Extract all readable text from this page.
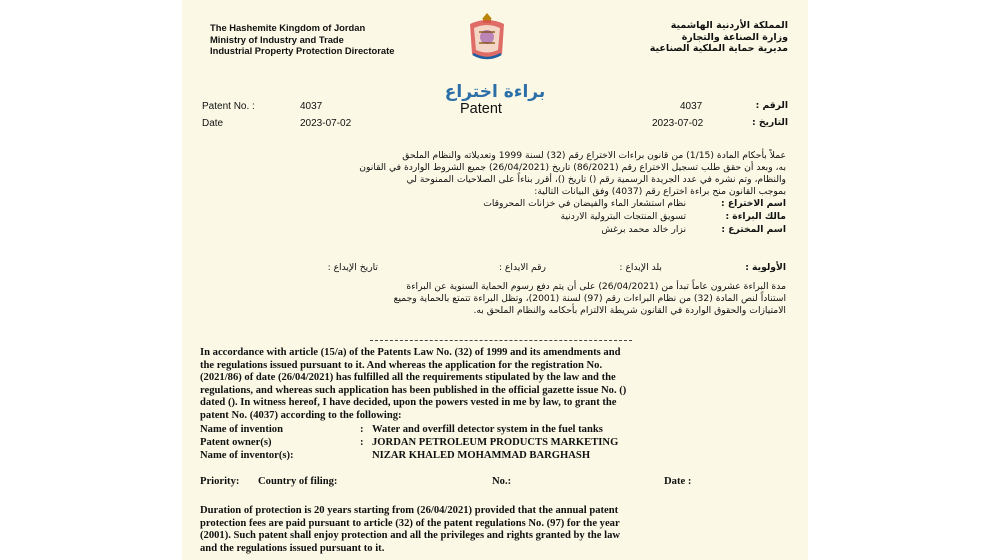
The Hashemite Kingdom of Jordan
Ministry of Industry and Trade
Industrial Property Protection Directorate
المملكة الأردنية الهاشمية
وزارة الصناعة والتجارة
مديرية حماية الملكية الصناعية
براءة اختراع
Patent
Patent No. :	4037
Date	2023-07-02
4037	الرقم :
2023-07-02	التاريخ :
عملاً بأحكام المادة (1/15) من قانون براءات الاختراع رقم (32) لسنة 1999 وتعديلاته والنظام الملحق
به، وبعد أن حقق طلب تسجيل الاختراع رقم (86/2021) تاريخ (26/04/2021) جميع الشروط الواردة في القانون
والنظام، وتم نشره في عدد الجريدة الرسمية رقم () تاريخ ()، أقرر بناءاً على الصلاحيات الممنوحة لي
بموجب القانون منح براءة اختراع رقم (4037) وفق البيانات التالية:
اسم الاختراع :
نظام استشعار الماء والفيضان في خزانات المحروقات
مالك البراءة :
تسويق المنتجات البترولية الاردنية
اسم المخترع :
نزار خالد محمد برغش
الأولوية :
بلد الإيداع :
رقم الايداع :
تاريخ الإيداع :
مدة البراءة عشرون عاماً تبدأ من (26/04/2021) على أن يتم دفع رسوم الحماية السنوية عن البراءة
استناداً لنص المادة (32) من نظام البراءات رقم (97) لسنة (2001)، وتظل البراءة تتمتع بالحماية وجميع
الامتيازات والحقوق الواردة في القانون شريطة الالتزام بأحكامه والنظام الملحق به.
In accordance with article (15/a) of the Patents Law No. (32) of 1999 and its amendments and
the regulations issued pursuant to it. And whereas the application for the registration No.
(2021/86) of date (26/04/2021) has fulfilled all the requirements stipulated by the law and the
regulations, and whereas such application has been published in the official gazette issue No. ()
dated (). In witness hereof, I have decided, upon the powers vested in me by law, to grant the
patent No. (4037) according to the following:
Name of invention	: Water and overfill detector system in the fuel tanks
Patent owner(s)	: JORDAN PETROLEUM PRODUCTS MARKETING
Name of inventor(s):	NIZAR KHALED MOHAMMAD BARGHASH
Priority: Country of filing:	No.:	Date :
Duration of protection is 20 years starting from (26/04/2021) provided that the annual patent
protection fees are paid pursuant to article (32) of the patent regulations No. (97) for the year
(2001). Such patent shall enjoy protection and all the privileges and rights granted by the law
and the regulations issued pursuant to it.
